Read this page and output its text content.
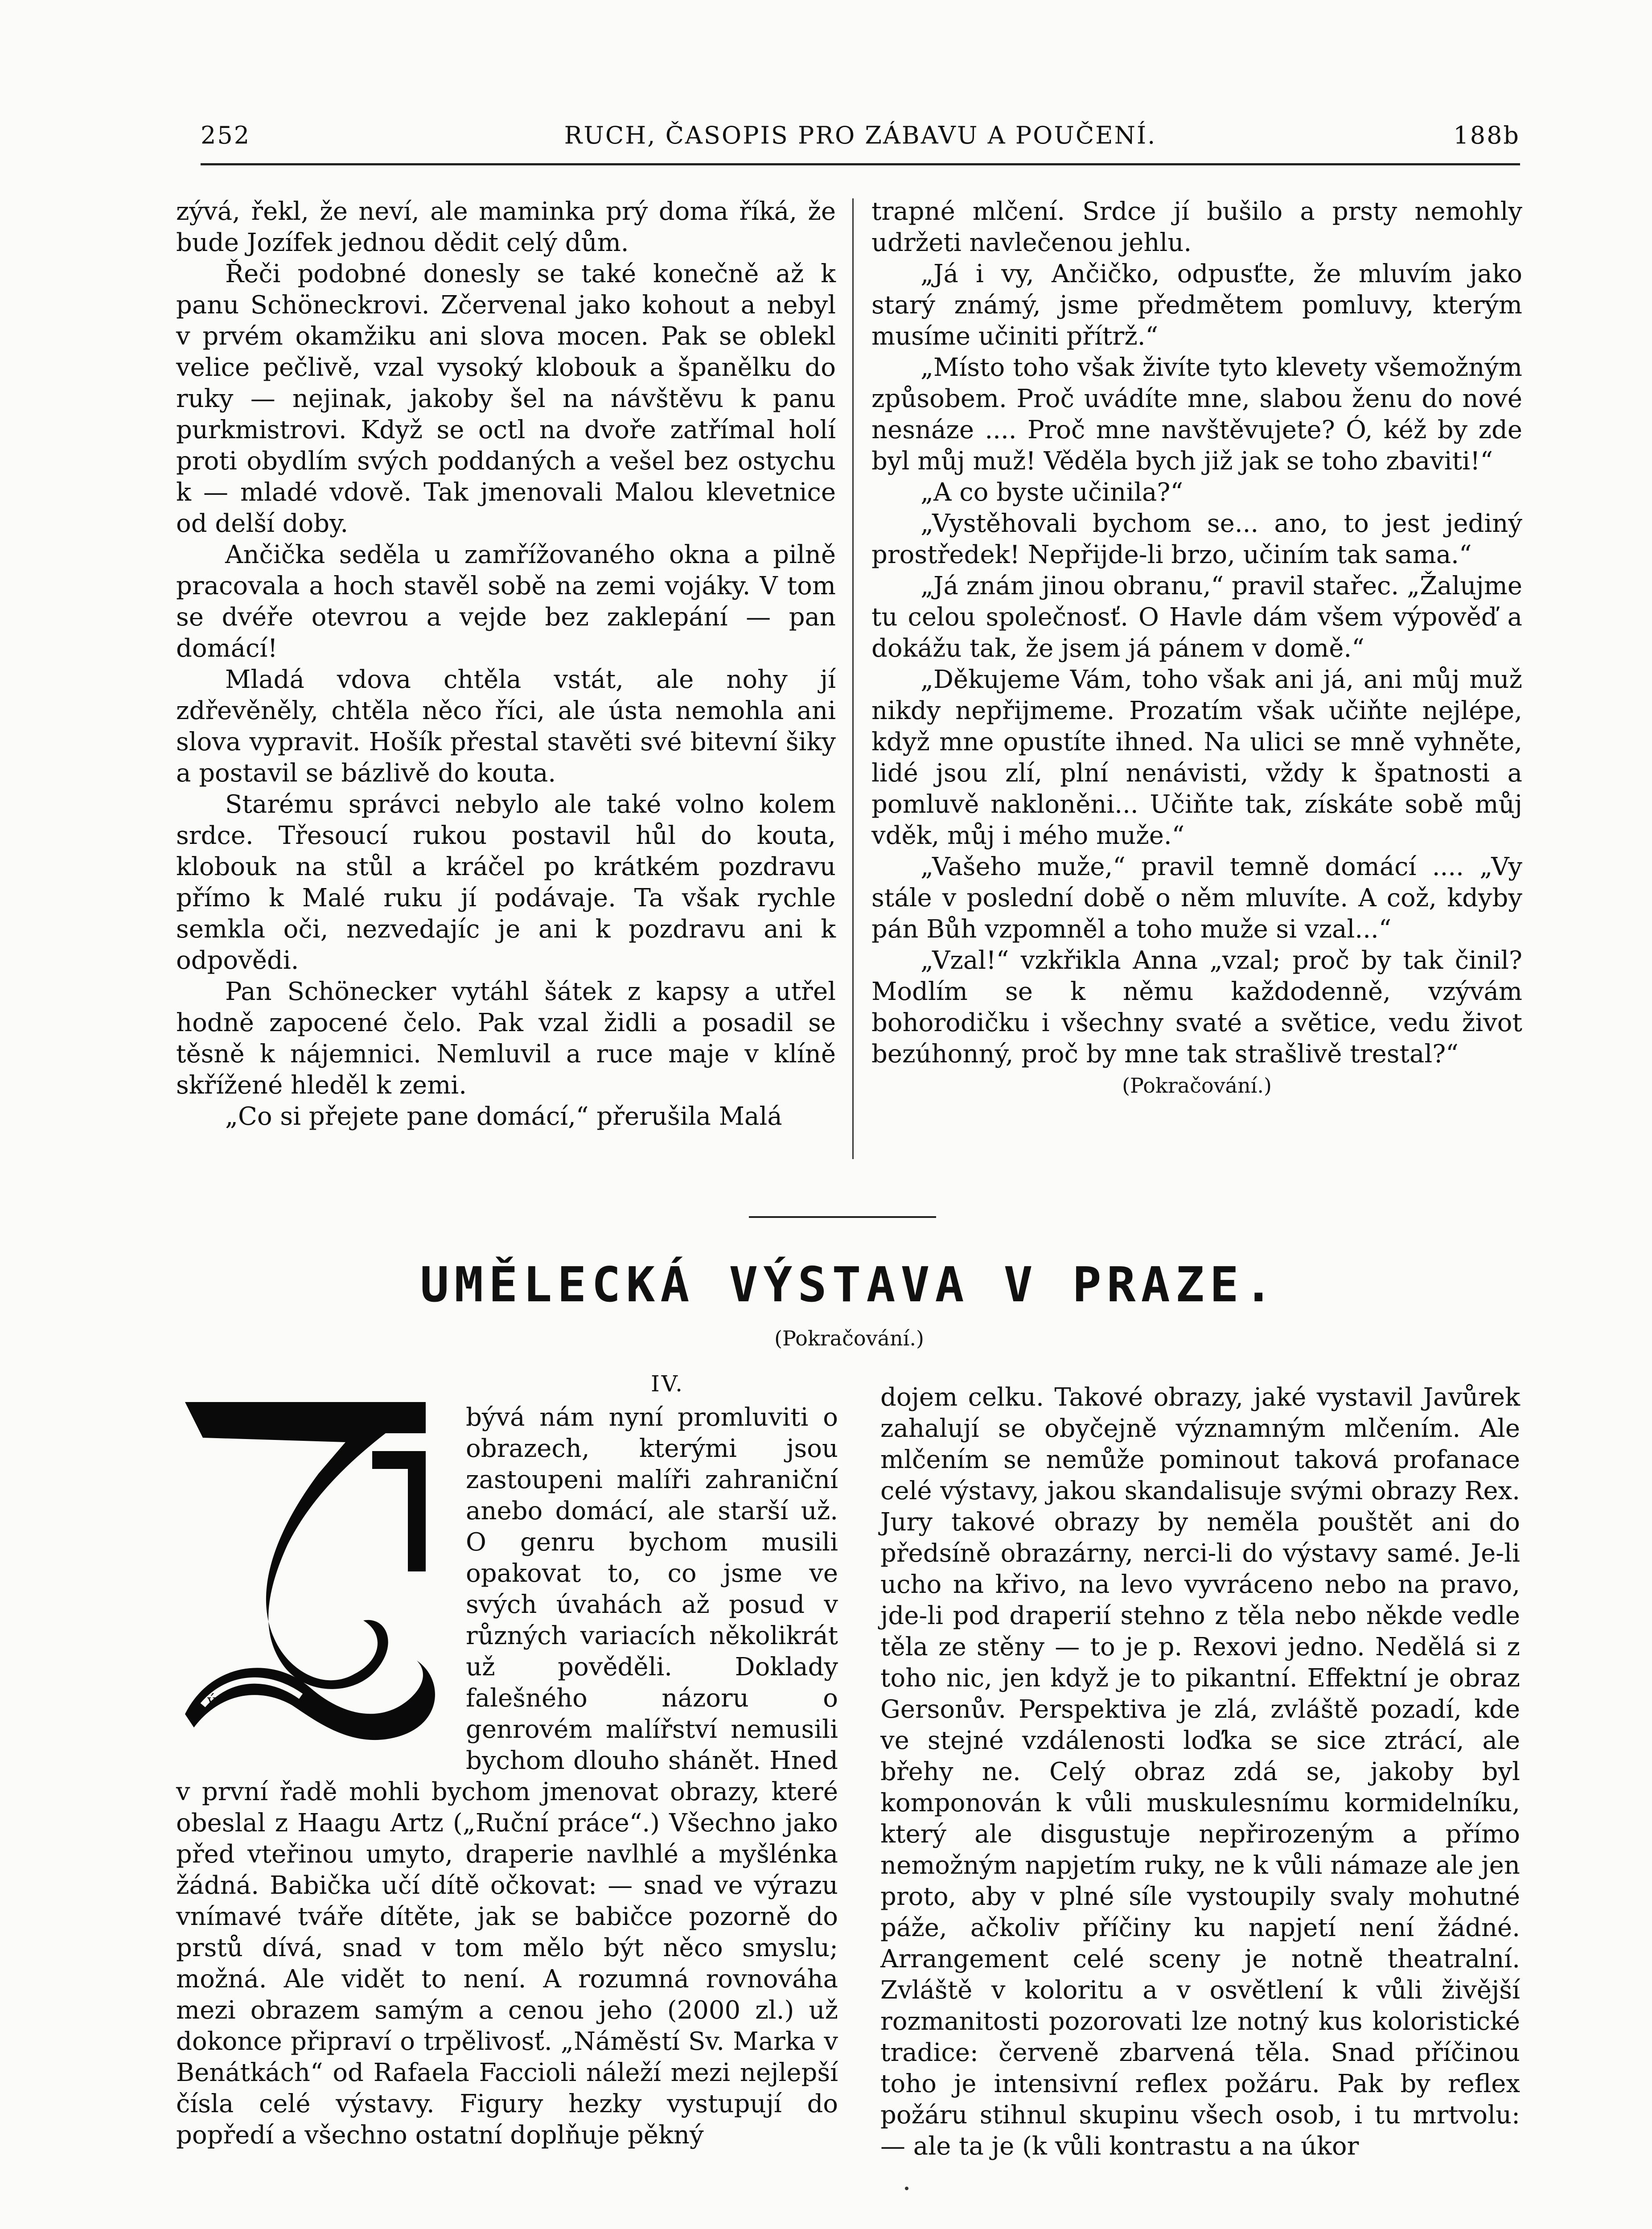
252	RUCH, ČASOPIS PRO ZÁBAVU A POUČENÍ.	188b

zývá, řekl, že neví, ale maminka prý doma říká, že bude Jozífek jednou dědit celý dům.

Řeči podobné donesly se také konečně až k panu Schöneckrovi. Zčervenal jako kohout a nebyl v prvém okamžiku ani slova mocen. Pak se oblekl velice pečlivě, vzal vysoký klobouk a španělku do ruky — nejinak, jakoby šel na návštěvu k panu purkmistrovi. Když se octl na dvoře zatřímal holí proti obydlím svých poddaných a vešel bez ostychu k — mladé vdově. Tak jmenovali Malou klevetnice od delší doby.

Ančička seděla u zamřížovaného okna a pilně pracovala a hoch stavěl sobě na zemi vojáky. V tom se dvéře otevrou a vejde bez zaklepání — pan domácí!

Mladá vdova chtěla vstát, ale nohy jí zdřevěněly, chtěla něco říci, ale ústa nemohla ani slova vypravit. Hošík přestal stavěti své bitevní šiky a postavil se bázlivě do kouta.

Starému správci nebylo ale také volno kolem srdce. Třesoucí rukou postavil hůl do kouta, klobouk na stůl a kráčel po krátkém pozdravu přímo k Malé ruku jí podávaje. Ta však rychle semkla oči, nezvedajíc je ani k pozdravu ani k odpovědi.

Pan Schönecker vytáhl šátek z kapsy a utřel hodně zapocené čelo. Pak vzal židli a posadil se těsně k nájemnici. Nemluvil a ruce maje v klíně skřížené hleděl k zemi.

„Co si přejete pane domácí,“ přerušila Malá

trapné mlčení. Srdce jí bušilo a prsty nemohly udržeti navlečenou jehlu.

„Já i vy, Ančičko, odpusťte, že mluvím jako starý známý, jsme předmětem pomluvy, kterým musíme učiniti přítrž.“

„Místo toho však živíte tyto klevety všemožným způsobem. Proč uvádíte mne, slabou ženu do nové nesnáze .... Proč mne navštěvujete? Ó, kéž by zde byl můj muž! Věděla bych již jak se toho zbaviti!“

„A co byste učinila?“

„Vystěhovali bychom se... ano, to jest jediný prostředek! Nepřijde-li brzo, učiním tak sama.“

„Já znám jinou obranu,“ pravil stařec. „Žalujme tu celou společnosť. O Havle dám všem výpověď a dokážu tak, že jsem já pánem v domě.“

„Děkujeme Vám, toho však ani já, ani můj muž nikdy nepřijmeme. Prozatím však učiňte nejlépe, když mne opustíte ihned. Na ulici se mně vyhněte, lidé jsou zlí, plní nenávisti, vždy k špatnosti a pomluvě nakloněni... Učiňte tak, získáte sobě můj vděk, můj i mého muže.“

„Vašeho muže,“ pravil temně domácí .... „Vy stále v poslední době o něm mluvíte. A což, kdyby pán Bůh vzpomněl a toho muže si vzal...“

„Vzal!“ vzkřikla Anna „vzal; proč by tak činil? Modlím se k němu každodenně, vzývám bohorodičku i všechny svaté a světice, vedu život bezúhonný, proč by mne tak strašlivě trestal?“

(Pokračování.)

UMĚLECKÁ VÝSTAVA V PRAZE.
(Pokračování.)
IV.
ý

bývá nám nyní promluviti o obrazech, kterými jsou zastoupeni malíři zahraniční anebo domácí, ale starší už. O genru bychom musili opakovat to, co jsme ve svých úvahách až posud v různých variacích několikrát už pověděli. Doklady falešného názoru o genrovém malířství nemusili bychom dlouho shánět. Hned v první řadě mohli bychom jmenovat obrazy, které obeslal z Haagu Artz („Ruční práce“.) Všechno jako před vteřinou umyto, draperie navlhlé a myšlénka žádná. Babička učí dítě očkovat: — snad ve výrazu vnímavé tváře dítěte, jak se babičce pozorně do prstů dívá, snad v tom mělo být něco smyslu; možná. Ale vidět to není. A rozumná rovnováha mezi obrazem samým a cenou jeho (2000 zl.) už dokonce připraví o trpělivosť. „Náměstí Sv. Marka v Benátkách“ od Rafaela Faccioli náleží mezi nejlepší čísla celé výstavy. Figury hezky vystupují do popředí a všechno ostatní doplňuje pěkný

dojem celku. Takové obrazy, jaké vystavil Javůrek zahalují se obyčejně významným mlčením. Ale mlčením se nemůže pominout taková profanace celé výstavy, jakou skandalisuje svými obrazy Rex. Jury takové obrazy by neměla pouštět ani do předsíně obrazárny, nerci-li do výstavy samé. Je-li ucho na křivo, na levo vyvráceno nebo na pravo, jde-li pod draperií stehno z těla nebo někde vedle těla ze stěny — to je p. Rexovi jedno. Nedělá si z toho nic, jen když je to pikantní. Effektní je obraz Gersonův. Perspektiva je zlá, zvláště pozadí, kde ve stejné vzdálenosti loďka se sice ztrácí, ale břehy ne. Celý obraz zdá se, jakoby byl komponován k vůli muskulesnímu kormidelníku, který ale disgustuje nepřirozeným a přímo nemožným napjetím ruky, ne k vůli námaze ale jen proto, aby v plné síle vystoupily svaly mohutné páže, ačkoliv příčiny ku napjetí není žádné. Arrangement celé sceny je notně theatralní. Zvláště v koloritu a v osvětlení k vůli živější rozmanitosti pozorovati lze notný kus koloristické tradice: červeně zbarvená těla. Snad příčinou toho je intensivní reflex požáru. Pak by reflex požáru stihnul skupinu všech osob, i tu mrtvolu: — ale ta je (k vůli kontrastu a na úkor
